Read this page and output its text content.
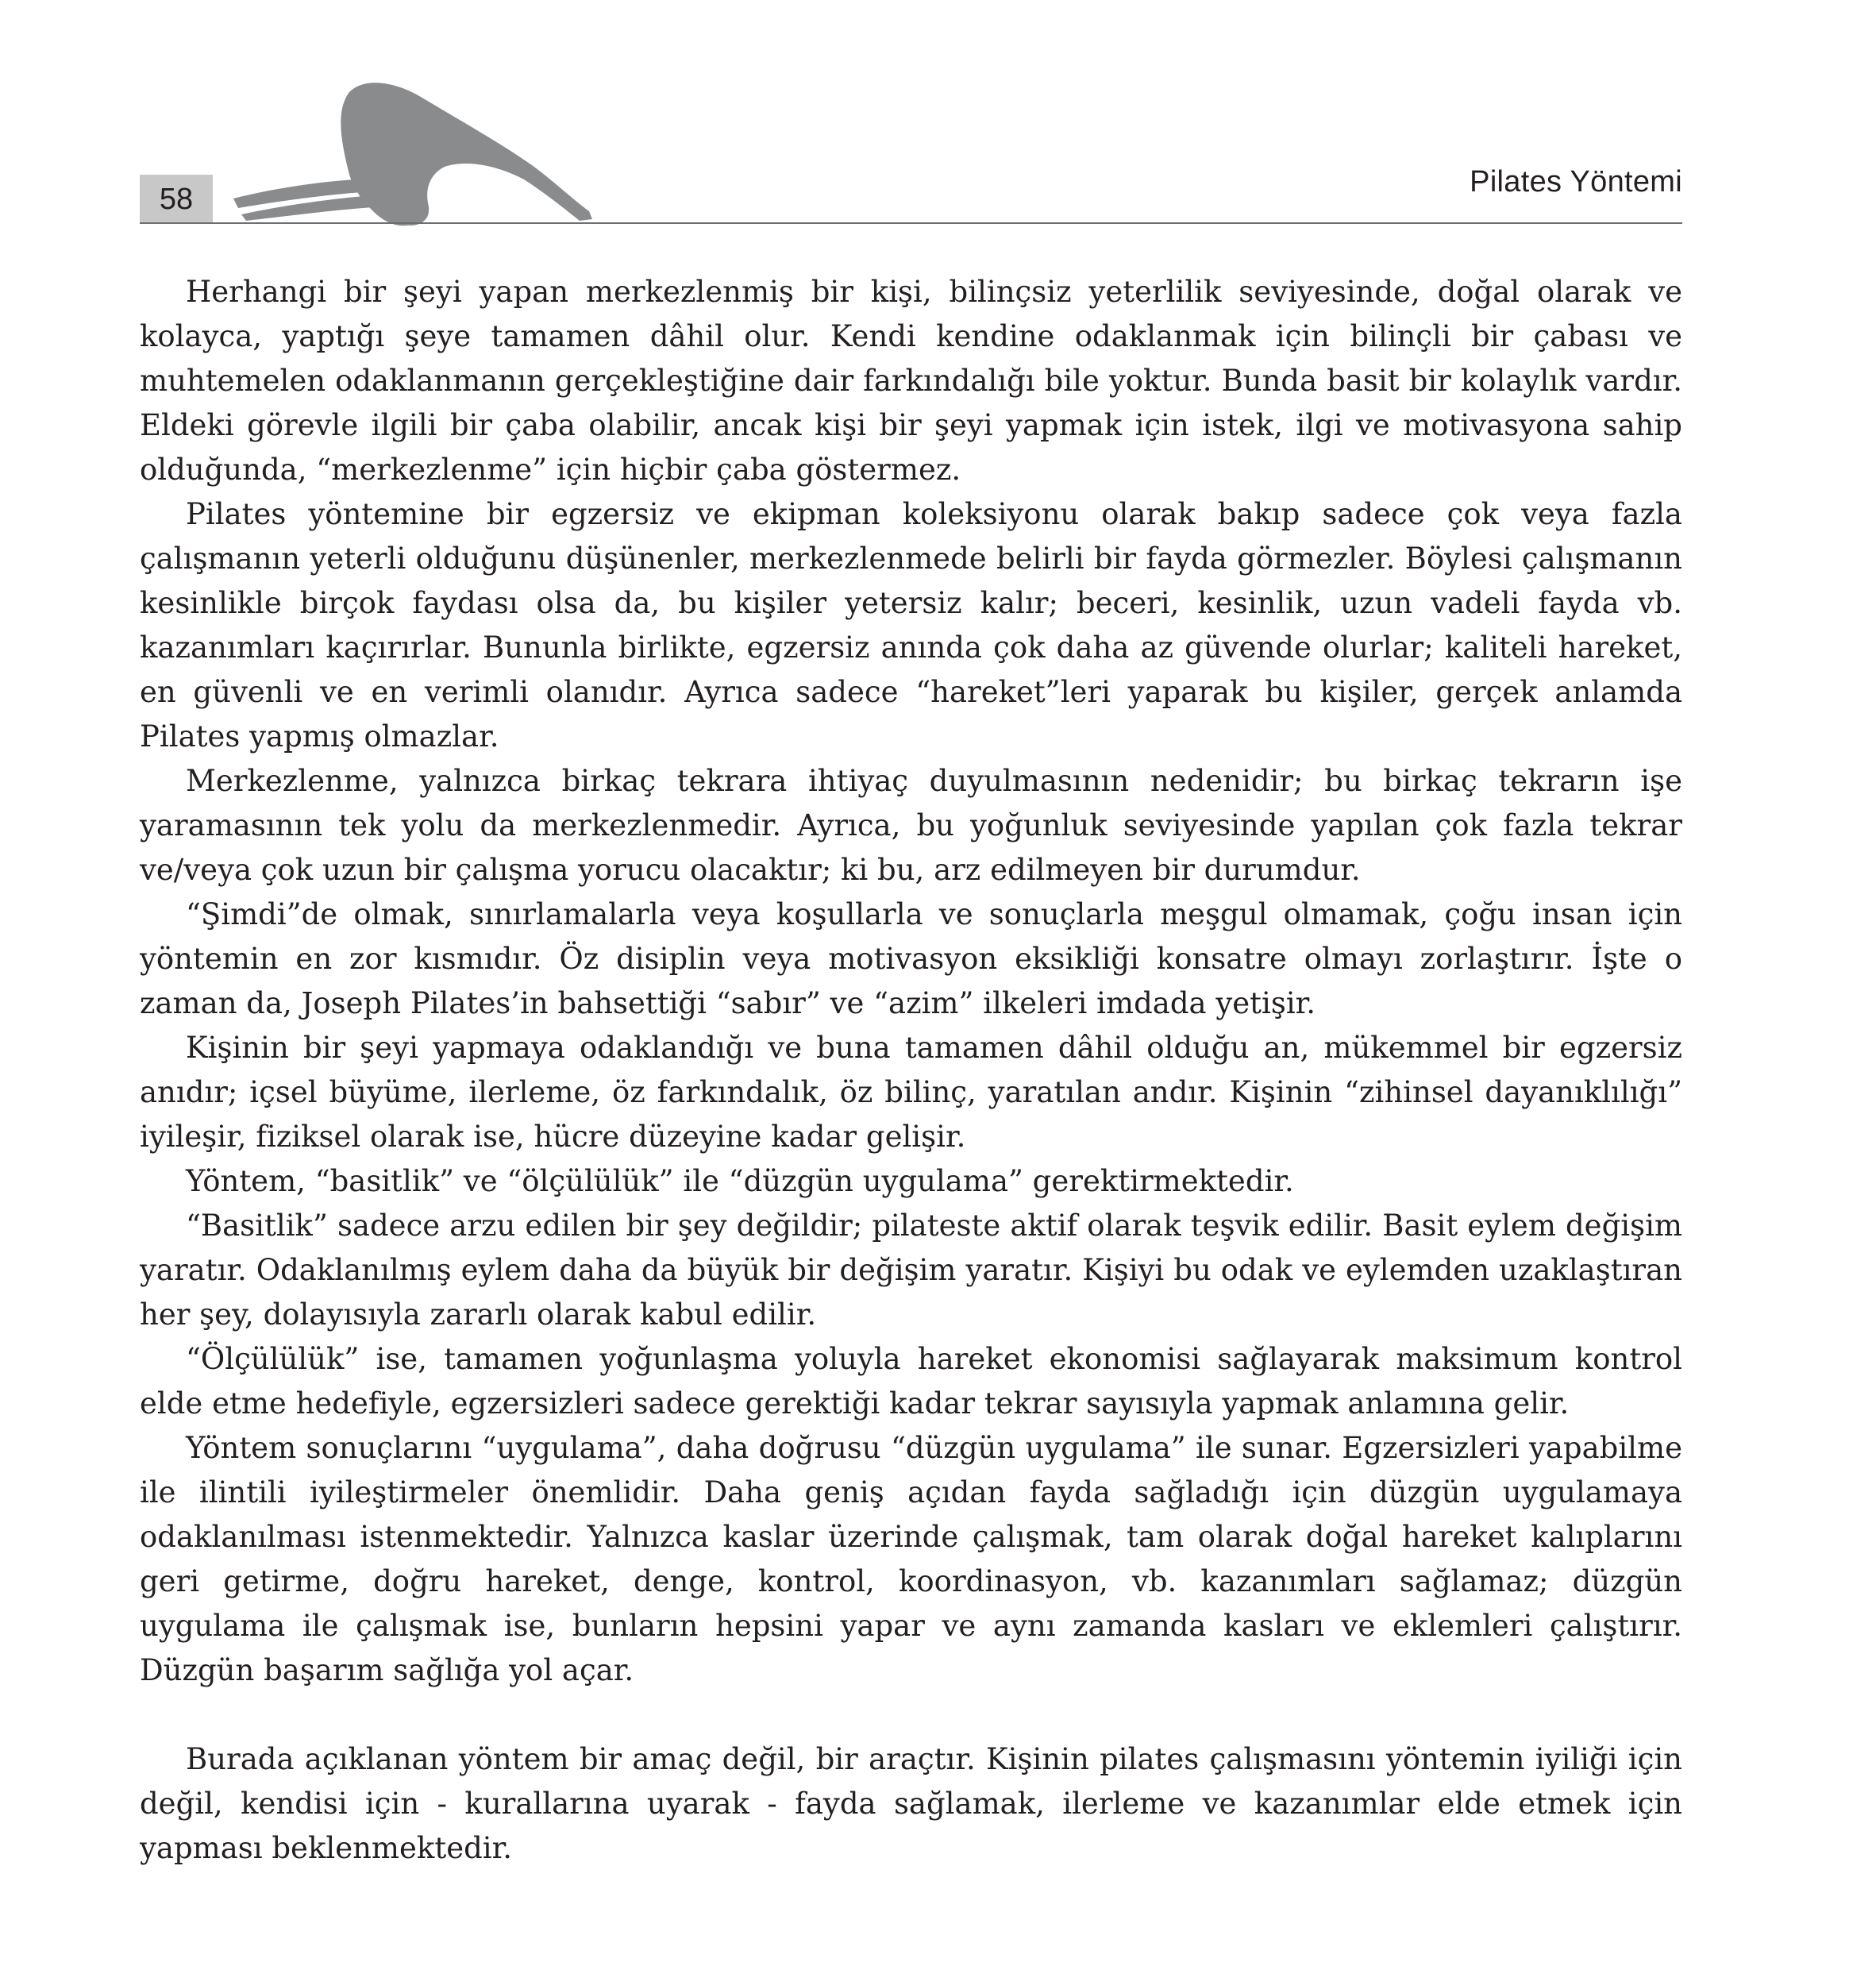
58
Pilates Yöntemi

Herhangi bir şeyi yapan merkezlenmiş bir kişi, bilinçsiz yeterlilik seviyesinde, doğal olarak ve kolayca, yaptığı şeye tamamen dâhil olur. Kendi kendine odaklanmak için bilinçli bir çabası ve muhtemelen odaklanmanın gerçekleştiğine dair farkındalığı bile yoktur. Bunda basit bir kolaylık vardır. Eldeki görevle ilgili bir çaba olabilir, ancak kişi bir şeyi yapmak için istek, ilgi ve motivasyona sahip olduğunda, “merkezlenme” için hiçbir çaba göstermez.

Pilates yöntemine bir egzersiz ve ekipman koleksiyonu olarak bakıp sadece çok veya fazla çalışmanın yeterli olduğunu düşünenler, merkezlenmede belirli bir fayda görmezler. Böylesi çalışmanın kesinlikle birçok faydası olsa da, bu kişiler yetersiz kalır; beceri, kesinlik, uzun vadeli fayda vb. kazanımları kaçırırlar. Bununla birlikte, egzersiz anında çok daha az güvende olurlar; kaliteli hareket, en güvenli ve en verimli olanıdır. Ayrıca sadece “hareket”leri yaparak bu kişiler, gerçek anlamda Pilates yapmış olmazlar.

Merkezlenme, yalnızca birkaç tekrara ihtiyaç duyulmasının nedenidir; bu birkaç tekrarın işe yaramasının tek yolu da merkezlenmedir. Ayrıca, bu yoğunluk seviyesinde yapılan çok fazla tekrar ve/veya çok uzun bir çalışma yorucu olacaktır; ki bu, arz edilmeyen bir durumdur.

“Şimdi”de olmak, sınırlamalarla veya koşullarla ve sonuçlarla meşgul olmamak, çoğu insan için yöntemin en zor kısmıdır. Öz disiplin veya motivasyon eksikliği konsatre olmayı zorlaştırır. İşte o zaman da, Joseph Pilates’in bahsettiği “sabır” ve “azim” ilkeleri imdada yetişir.

Kişinin bir şeyi yapmaya odaklandığı ve buna tamamen dâhil olduğu an, mükemmel bir egzersiz anıdır; içsel büyüme, ilerleme, öz farkındalık, öz bilinç, yaratılan andır. Kişinin “zihinsel dayanıklılığı” iyileşir, fiziksel olarak ise, hücre düzeyine kadar gelişir.

Yöntem, “basitlik” ve “ölçülülük” ile “düzgün uygulama” gerektirmektedir.

“Basitlik” sadece arzu edilen bir şey değildir; pilateste aktif olarak teşvik edilir. Basit eylem değişim yaratır. Odaklanılmış eylem daha da büyük bir değişim yaratır. Kişiyi bu odak ve eylemden uzaklaştıran her şey, dolayısıyla zararlı olarak kabul edilir.

“Ölçülülük” ise, tamamen yoğunlaşma yoluyla hareket ekonomisi sağlayarak maksimum kontrol elde etme hedefiyle, egzersizleri sadece gerektiği kadar tekrar sayısıyla yapmak anlamına gelir.

Yöntem sonuçlarını “uygulama”, daha doğrusu “düzgün uygulama” ile sunar. Egzersizleri yapabilme ile ilintili iyileştirmeler önemlidir. Daha geniş açıdan fayda sağladığı için düzgün uygulamaya odaklanılması istenmektedir. Yalnızca kaslar üzerinde çalışmak, tam olarak doğal hareket kalıplarını geri getirme, doğru hareket, denge, kontrol, koordinasyon, vb. kazanımları sağlamaz; düzgün uygulama ile çalışmak ise, bunların hepsini yapar ve aynı zamanda kasları ve eklemleri çalıştırır. Düzgün başarım sağlığa yol açar.

Burada açıklanan yöntem bir amaç değil, bir araçtır. Kişinin pilates çalışmasını yöntemin iyiliği için değil, kendisi için - kurallarına uyarak - fayda sağlamak, ilerleme ve kazanımlar elde etmek için yapması beklenmektedir.
